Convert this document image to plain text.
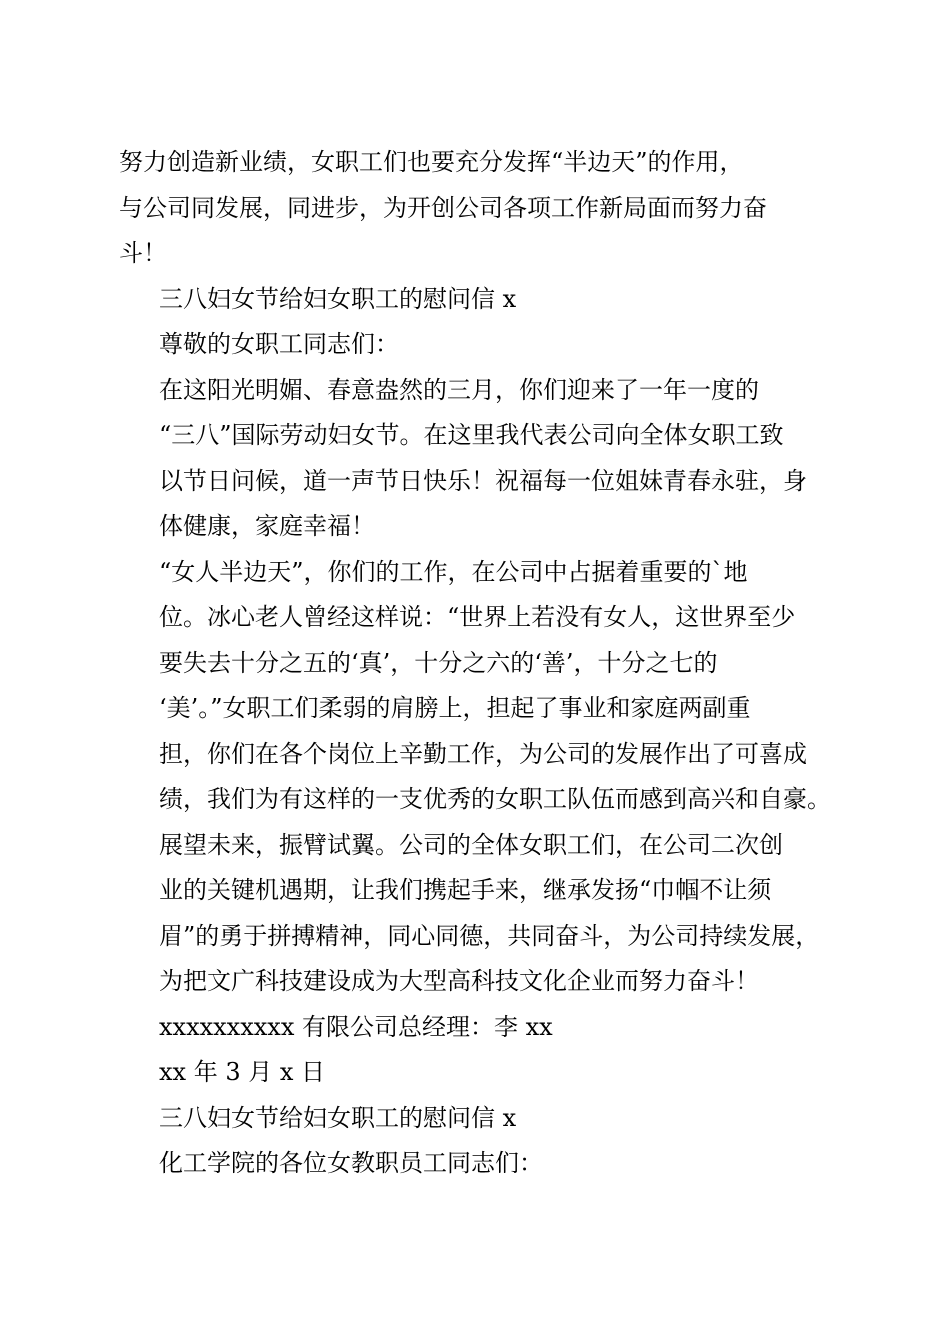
努力创造新业绩，女职工们也要充分发挥“半边天”的作用，
与公司同发展，同进步，为开创公司各项工作新局面而努力奋
斗！

三八妇女节给妇女职工的慰问信 x

尊敬的女职工同志们：

在这阳光明媚、春意盎然的三月，你们迎来了一年一度的
“三八”国际劳动妇女节。在这里我代表公司向全体女职工致
以节日问候，道一声节日快乐！祝福每一位姐妹青春永驻，身
体健康，家庭幸福！

“女人半边天”，你们的工作，在公司中占据着重要的`地
位。冰心老人曾经这样说：“世界上若没有女人，这世界至少
要失去十分之五的‘真’，十分之六的‘善’，十分之七的
‘美’。”女职工们柔弱的肩膀上，担起了事业和家庭两副重
担，你们在各个岗位上辛勤工作，为公司的发展作出了可喜成
绩，我们为有这样的一支优秀的女职工队伍而感到高兴和自豪。

展望未来，振臂试翼。公司的全体女职工们，在公司二次创
业的关键机遇期，让我们携起手来，继承发扬“巾帼不让须
眉”的勇于拼搏精神，同心同德，共同奋斗，为公司持续发展，
为把文广科技建设成为大型高科技文化企业而努力奋斗！

xxxxxxxxxx 有限公司总经理：李 xx

xx 年 3 月 x 日

三八妇女节给妇女职工的慰问信 x

化工学院的各位女教职员工同志们：
